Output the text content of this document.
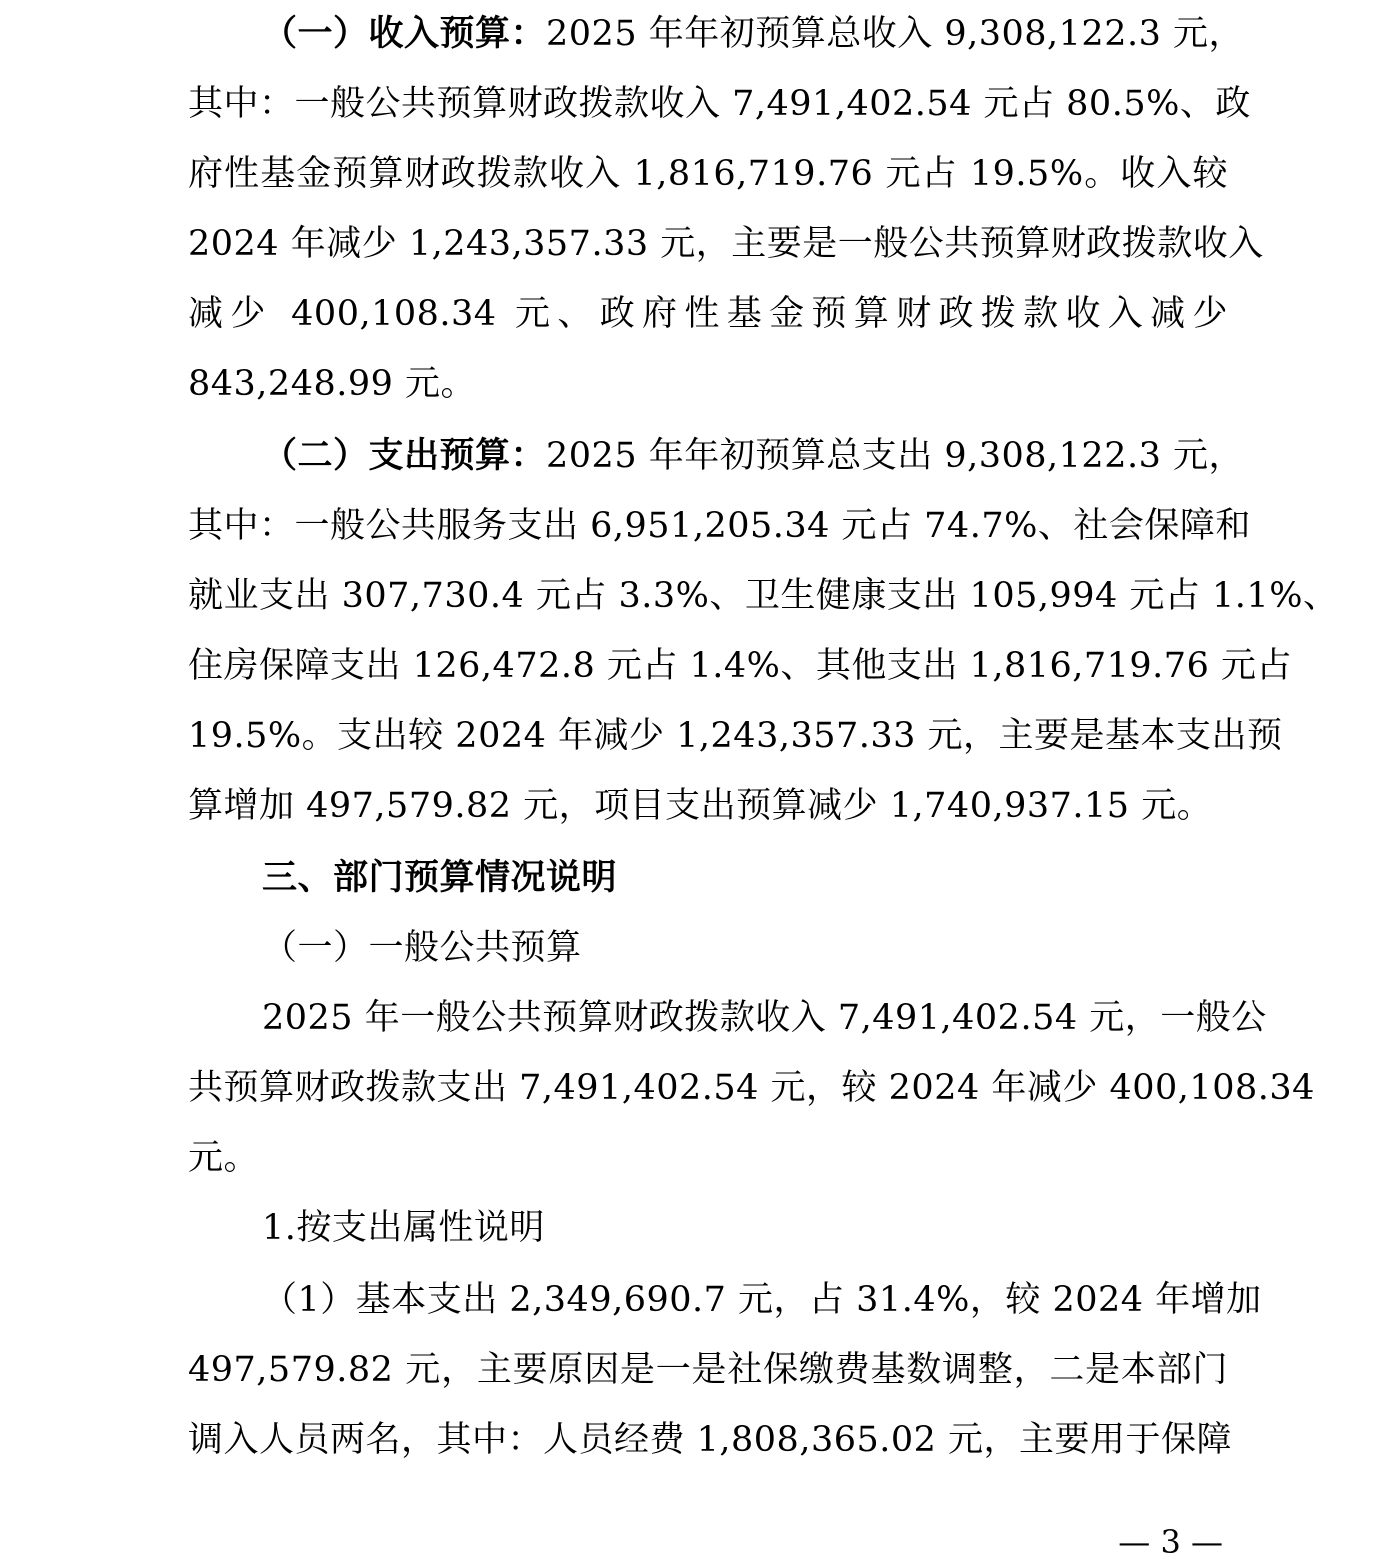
（一）收入预算：2025 年年初预算总收入 9,308,122.3 元，
其中：一般公共预算财政拨款收入 7,491,402.54 元占 80.5%、政
府性基金预算财政拨款收入 1,816,719.76 元占 19.5%。收入较
2024 年减少 1,243,357.33 元，主要是一般公共预算财政拨款收入
减少 400,108.34 元、政府性基金预算财政拨款收入减少
843,248.99 元。
（二）支出预算：2025 年年初预算总支出 9,308,122.3 元，
其中：一般公共服务支出 6,951,205.34 元占 74.7%、社会保障和
就业支出 307,730.4 元占 3.3%、卫生健康支出 105,994 元占 1.1%、
住房保障支出 126,472.8 元占 1.4%、其他支出 1,816,719.76 元占
19.5%。支出较 2024 年减少 1,243,357.33 元，主要是基本支出预
算增加 497,579.82 元，项目支出预算减少 1,740,937.15 元。
三、部门预算情况说明
（一）一般公共预算
2025 年一般公共预算财政拨款收入 7,491,402.54 元，一般公
共预算财政拨款支出 7,491,402.54 元，较 2024 年减少 400,108.34
元。
1.按支出属性说明
（1）基本支出 2,349,690.7 元，占 31.4%，较 2024 年增加
497,579.82 元，主要原因是一是社保缴费基数调整，二是本部门
调入人员两名，其中：人员经费 1,808,365.02 元，主要用于保障
— 3 —
